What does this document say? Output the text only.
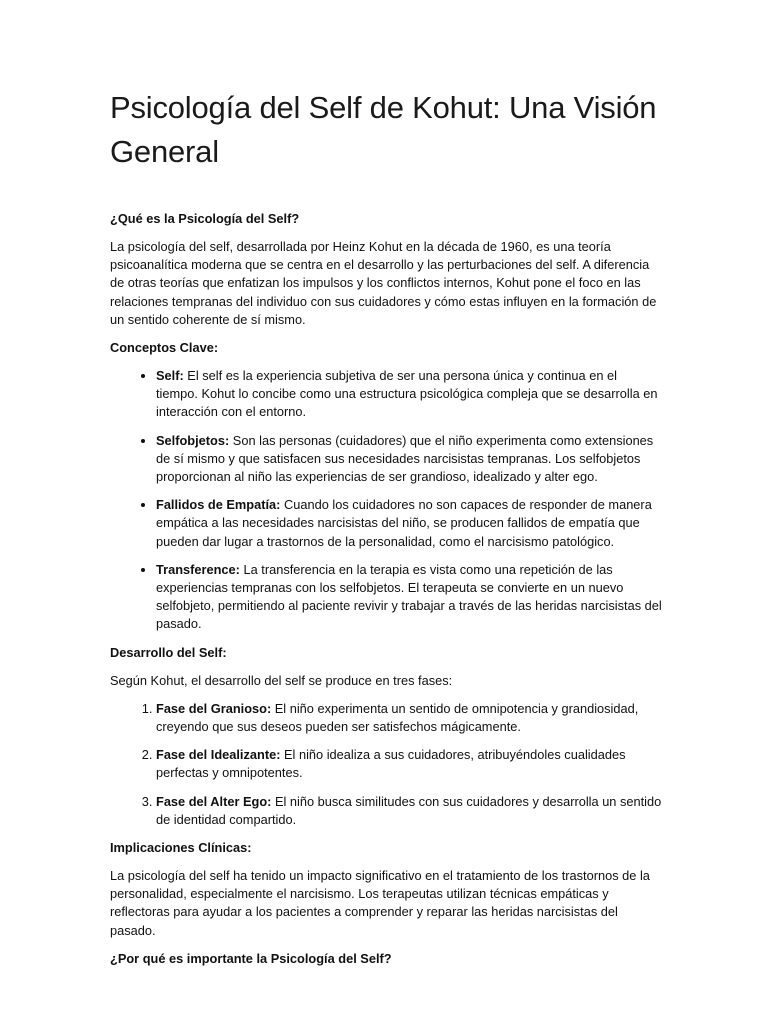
Psicología del Self de Kohut: Una Visión General
¿Qué es la Psicología del Self?

La psicología del self, desarrollada por Heinz Kohut en la década de 1960, es una teoría psicoanalítica moderna que se centra en el desarrollo y las perturbaciones del self. A diferencia de otras teorías que enfatizan los impulsos y los conflictos internos, Kohut pone el foco en las relaciones tempranas del individuo con sus cuidadores y cómo estas influyen en la formación de un sentido coherente de sí mismo.

Conceptos Clave:
• Self: El self es la experiencia subjetiva de ser una persona única y continua en el tiempo. Kohut lo concibe como una estructura psicológica compleja que se desarrolla en interacción con el entorno.
• Selfobjetos: Son las personas (cuidadores) que el niño experimenta como extensiones de sí mismo y que satisfacen sus necesidades narcisistas tempranas. Los selfobjetos proporcionan al niño las experiencias de ser grandioso, idealizado y alter ego.
• Fallidos de Empatía: Cuando los cuidadores no son capaces de responder de manera empática a las necesidades narcisistas del niño, se producen fallidos de empatía que pueden dar lugar a trastornos de la personalidad, como el narcisismo patológico.
• Transference: La transferencia en la terapia es vista como una repetición de las experiencias tempranas con los selfobjetos. El terapeuta se convierte en un nuevo selfobjeto, permitiendo al paciente revivir y trabajar a través de las heridas narcisistas del pasado.
Desarrollo del Self:

Según Kohut, el desarrollo del self se produce en tres fases:

1. Fase del Granioso: El niño experimenta un sentido de omnipotencia y grandiosidad, creyendo que sus deseos pueden ser satisfechos mágicamente.
2. Fase del Idealizante: El niño idealiza a sus cuidadores, atribuyéndoles cualidades perfectas y omnipotentes.
3. Fase del Alter Ego: El niño busca similitudes con sus cuidadores y desarrolla un sentido de identidad compartido.
Implicaciones Clínicas:

La psicología del self ha tenido un impacto significativo en el tratamiento de los trastornos de la personalidad, especialmente el narcisismo. Los terapeutas utilizan técnicas empáticas y reflectoras para ayudar a los pacientes a comprender y reparar las heridas narcisistas del pasado.

¿Por qué es importante la Psicología del Self?
